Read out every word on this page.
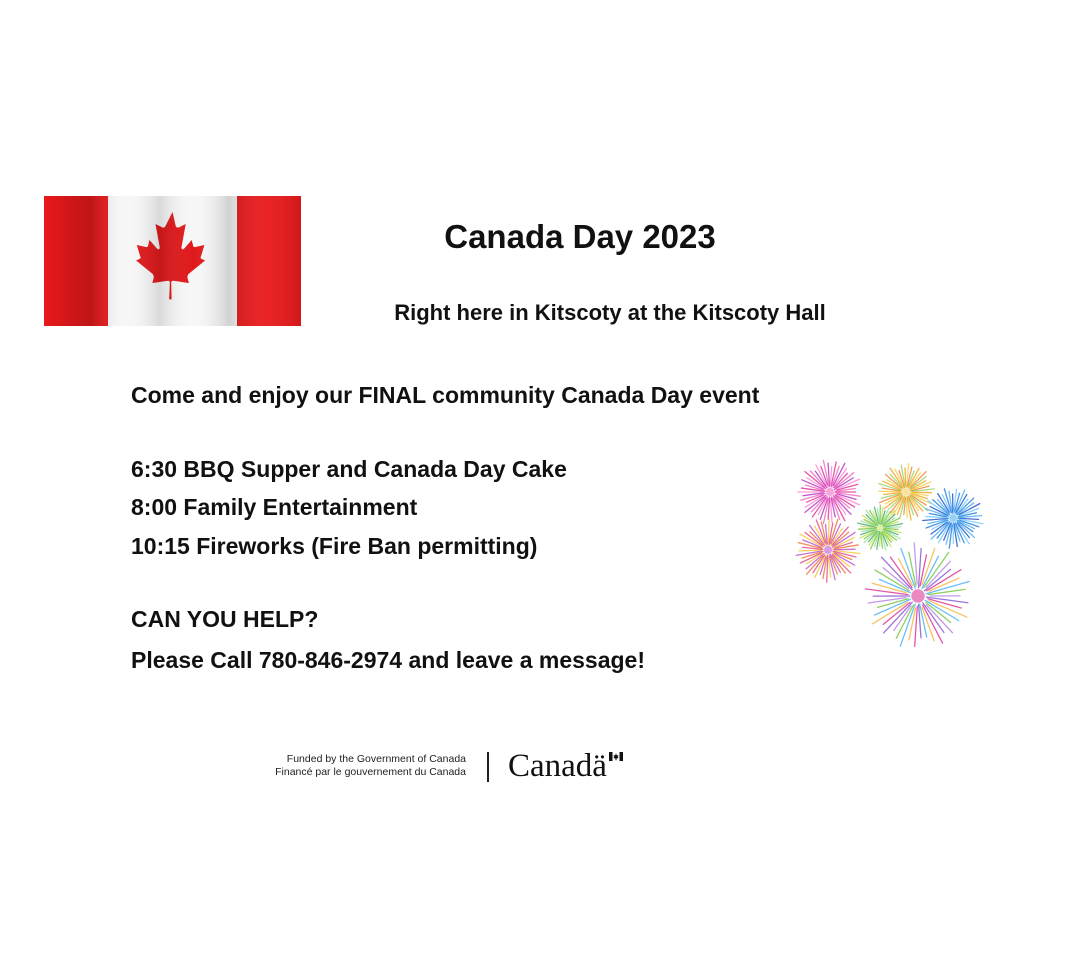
Canada Day 2023
Right here in Kitscoty at the Kitscoty Hall
Come and enjoy our FINAL community Canada Day event
6:30 BBQ Supper and Canada Day Cake
8:00 Family Entertainment
10:15 Fireworks (Fire Ban permitting)
CAN YOU HELP?
Please Call 780-846-2974 and leave a message!
Funded by the Government of Canada
Financé par le gouvernement du Canada Canadä
